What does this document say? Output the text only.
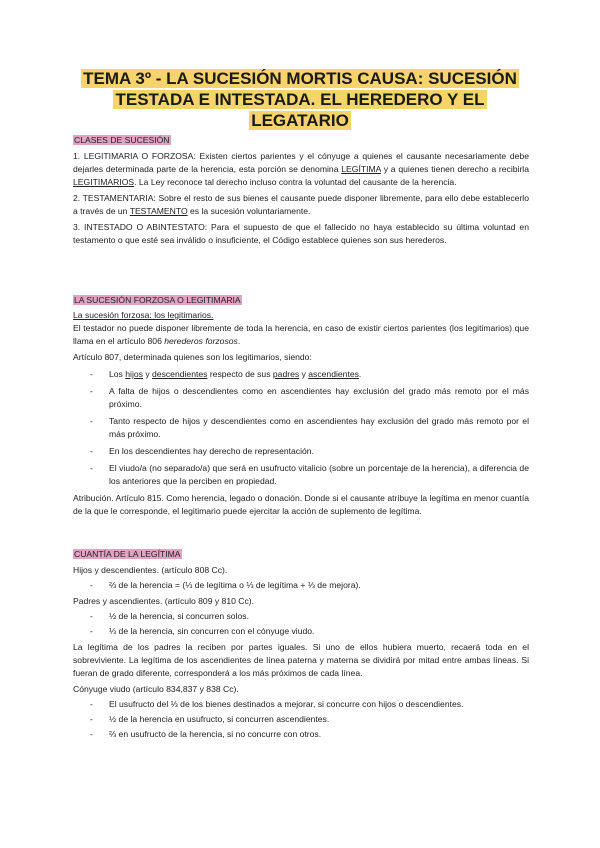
TEMA 3º - LA SUCESIÓN MORTIS CAUSA: SUCESIÓN
TESTADA E INTESTADA. EL HEREDERO Y EL
LEGATARIO

CLASES DE SUCESIÓN

1. LEGITIMARIA O FORZOSA: Existen ciertos parientes y el cónyuge a quienes el causante necesariamente debe dejarles determinada parte de la herencia, esta porción se denomina LEGÍTIMA y a quienes tienen derecho a recibirla LEGITIMARIOS. La Ley reconoce tal derecho incluso contra la voluntad del causante de la herencia.

2. TESTAMENTARIA: Sobre el resto de sus bienes el causante puede disponer libremente, para ello debe establecerlo a través de un TESTAMENTO es la sucesión voluntariamente.

3. INTESTADO O ABINTESTATO: Para el supuesto de que el fallecido no haya establecido su última voluntad en testamento o que esté sea inválido o insuficiente, el Código establece quienes son sus herederos.

LA SUCESIÓN FORZOSA O LEGITIMARIA

La sucesión forzosa: los legitimarios.

El testador no puede disponer libremente de toda la herencia, en caso de existir ciertos parientes (los legitimarios) que llama en el artículo 806 herederos forzosos.

Artículo 807, determinada quienes son los legitimarios, siendo:

- Los hijos y descendientes respecto de sus padres y ascendientes.
- A falta de hijos o descendientes como en ascendientes hay exclusión del grado más remoto por el más próximo.
- Tanto respecto de hijos y descendientes como en ascendientes hay exclusión del grado más remoto por el más próximo.
- En los descendientes hay derecho de representación.
- El viudo/a (no separado/a) que será en usufructo vitalicio (sobre un porcentaje de la herencia), a diferencia de los anteriores que la perciben en propiedad.

Atribución. Artículo 815. Como herencia, legado o donación. Donde si el causante atribuye la legítima en menor cuantía de la que le corresponde, el legitimario puede ejercitar la acción de suplemento de legítima.

CUANTÍA DE LA LEGÍTIMA

Hijos y descendientes. (artículo 808 Cc).

- ⅔ de la herencia = (⅓ de legítima o ⅓ de legítima + ⅓ de mejora).

Padres y ascendientes. (artículo 809 y 810 Cc).

- ½ de la herencia, si concurren solos.
- ⅓ de la herencia, sin concurren con el cónyuge viudo.

La legítima de los padres la reciben por partes iguales. Si uno de ellos hubiera muerto, recaerá toda en el sobreviviente. La legítima de los ascendientes de línea paterna y materna se dividirá por mitad entre ambas líneas. Si fueran de grado diferente, corresponderá a los más próximos de cada línea.

Cónyuge viudo (artículo 834,837 y 838 Cc).

- El usufructo del ⅓ de los bienes destinados a mejorar, si concurre con hijos o descendientes.
- ½ de la herencia en usufructo, si concurren ascendientes.
- ⅔ en usufructo de la herencia, si no concurre con otros.
